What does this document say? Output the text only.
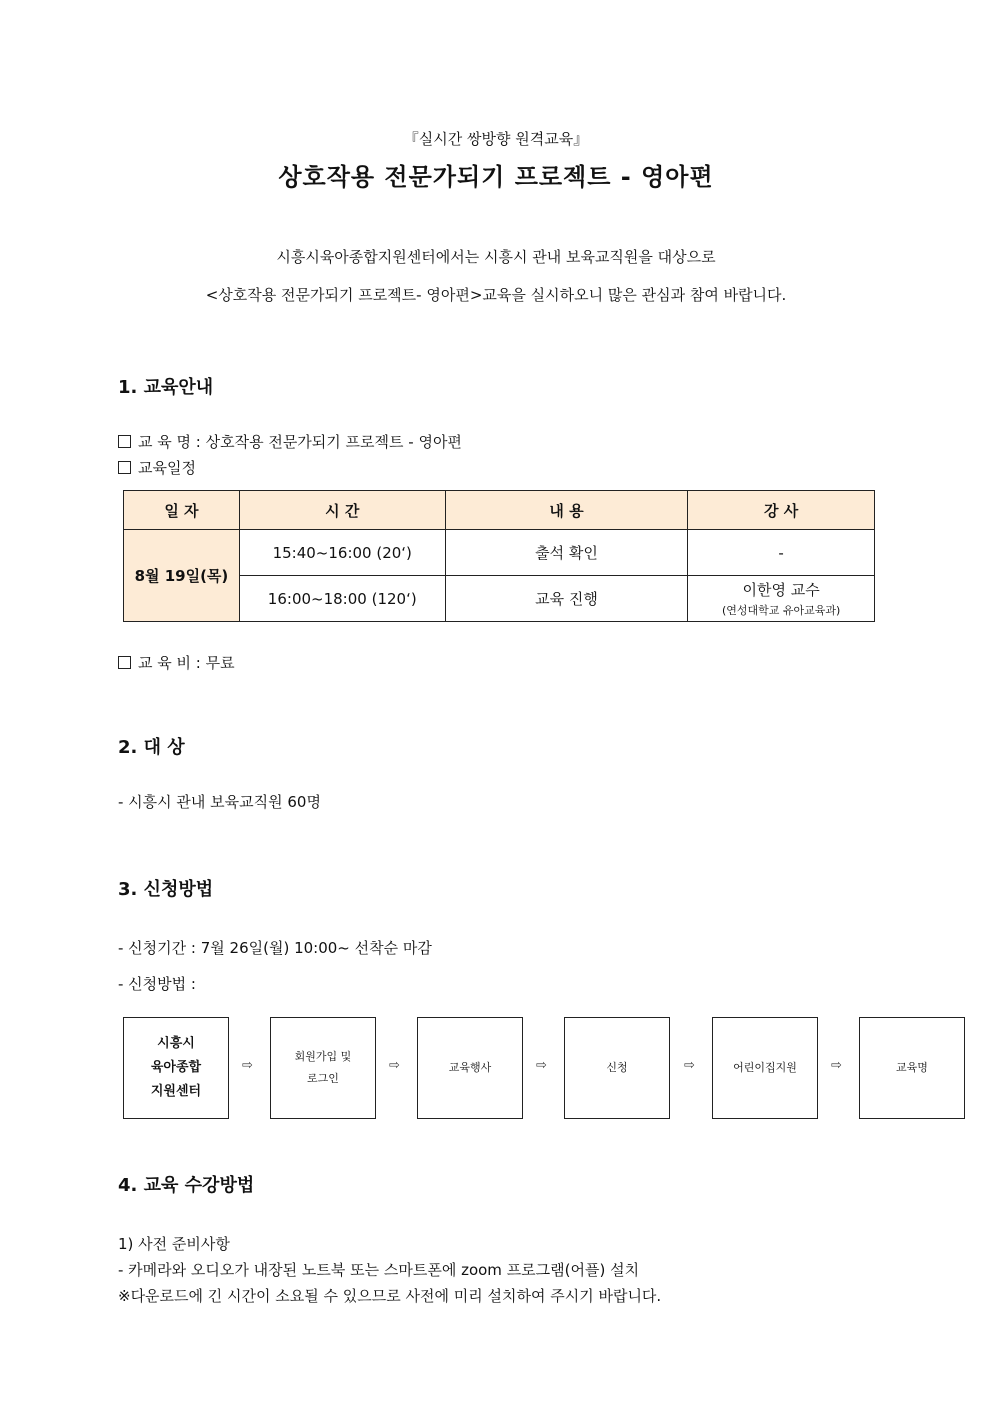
『실시간 쌍방향 원격교육』
상호작용 전문가되기 프로젝트 - 영아편
시흥시육아종합지원센터에서는 시흥시 관내 보육교직원을 대상으로
<상호작용 전문가되기 프로젝트- 영아편>교육을 실시하오니 많은 관심과 참여 바랍니다.
1. 교육안내
교 육 명 : 상호작용 전문가되기 프로젝트 - 영아편
교육일정
일 자	시 간	내 용	강 사
8월 19일(목)	15:40~16:00 (20‘)	출석 확인	-
	16:00~18:00 (120‘)	교육 진행	이한영 교수
(연성대학교 유아교육과)
교 육 비 : 무료
2. 대 상
- 시흥시 관내 보육교직원 60명
3. 신청방법
- 신청기간 : 7월 26일(월) 10:00~ 선착순 마감
- 신청방법 :
시흥시
육아종합
지원센터
⇨
회원가입 및
로그인
⇨	교육행사	⇨	신청	⇨	어린이집지원	⇨	교육명
4. 교육 수강방법
1) 사전 준비사항
- 카메라와 오디오가 내장된 노트북 또는 스마트폰에 zoom 프로그램(어플) 설치
※다운로드에 긴 시간이 소요될 수 있으므로 사전에 미리 설치하여 주시기 바랍니다.
